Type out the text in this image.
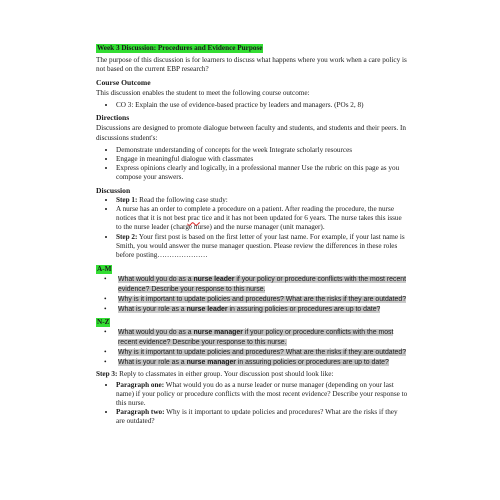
Week 3 Discussion: Procedures and Evidence Purpose

The purpose of this discussion is for learners to discuss what happens where you work when a care policy is not based on the current EBP research?

Course Outcome

This discussion enables the student to meet the following course outcome:

• CO 3: Explain the use of evidence-based practice by leaders and managers. (POs 2, 8)
Directions

Discussions are designed to promote dialogue between faculty and students, and students and their peers. In discussions student's:

• Demonstrate understanding of concepts for the week Integrate scholarly resources
• Engage in meaningful dialogue with classmates
• Express opinions clearly and logically, in a professional manner Use the rubric on this page as you compose your answers.
Discussion
• Step 1: Read the following case study:
• A nurse has an order to complete a procedure on a patient. After reading the procedure, the nurse notices that it is not best prac tice and it has not been updated for 6 years. The nurse takes this issue to the nurse leader (charge nurse) and the nurse manager (unit manager).
• Step 2: Your first post is based on the first letter of your last name. For example, if your last name is Smith, you would answer the nurse manager question. Please review the differences in these roles before posting…………………
A-M
• What would you do as a nurse leader if your policy or procedure conflicts with the most recent evidence? Describe your response to this nurse.
• Why is it important to update policies and procedures? What are the risks if they are outdated?
• What is your role as a nurse leader in assuring policies or procedures are up to date?
N-Z
• What would you do as a nurse manager if your policy or procedure conflicts with the most recent evidence? Describe your response to this nurse.
• Why is it important to update policies and procedures? What are the risks if they are outdated?
• What is your role as a nurse manager in assuring policies or procedures are up to date?

Step 3: Reply to classmates in either group. Your discussion post should look like:

• Paragraph one: What would you do as a nurse leader or nurse manager (depending on your last name) if your policy or procedure conflicts with the most recent evidence? Describe your response to this nurse.
• Paragraph two: Why is it important to update policies and procedures? What are the risks if they are outdated?
